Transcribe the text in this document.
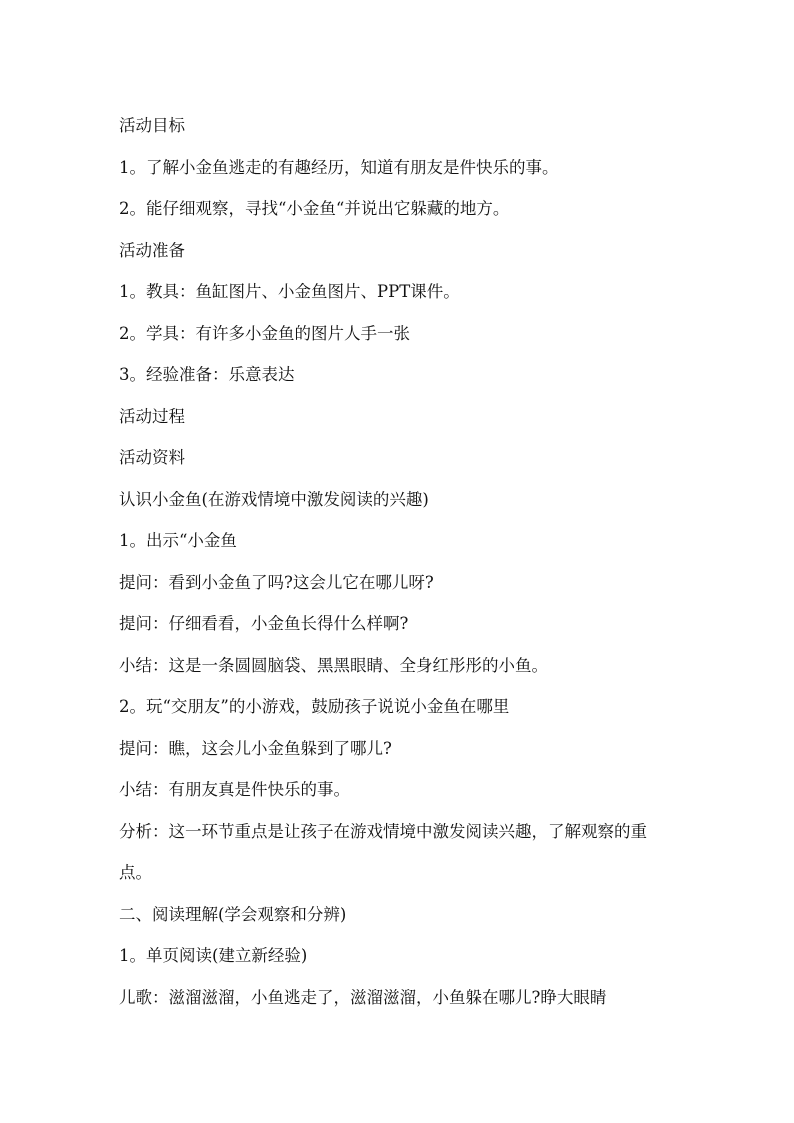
活动目标

1。了解小金鱼逃走的有趣经历，知道有朋友是件快乐的事。

2。能仔细观察，寻找“小金鱼“并说出它躲藏的地方。

活动准备

1。教具：鱼缸图片、小金鱼图片、PPT课件。

2。学具：有许多小金鱼的图片人手一张

3。经验准备：乐意表达

活动过程

活动资料

认识小金鱼(在游戏情境中激发阅读的兴趣)

1。出示“小金鱼

提问：看到小金鱼了吗?这会儿它在哪儿呀?

提问：仔细看看，小金鱼长得什么样啊?

小结：这是一条圆圆脑袋、黑黑眼睛、全身红彤彤的小鱼。

2。玩“交朋友”的小游戏，鼓励孩子说说小金鱼在哪里

提问：瞧，这会儿小金鱼躲到了哪儿?

小结：有朋友真是件快乐的事。

分析：这一环节重点是让孩子在游戏情境中激发阅读兴趣，了解观察的重点。

二、阅读理解(学会观察和分辨)

1。单页阅读(建立新经验)

儿歌：滋溜滋溜，小鱼逃走了，滋溜滋溜，小鱼躲在哪儿?睁大眼睛
